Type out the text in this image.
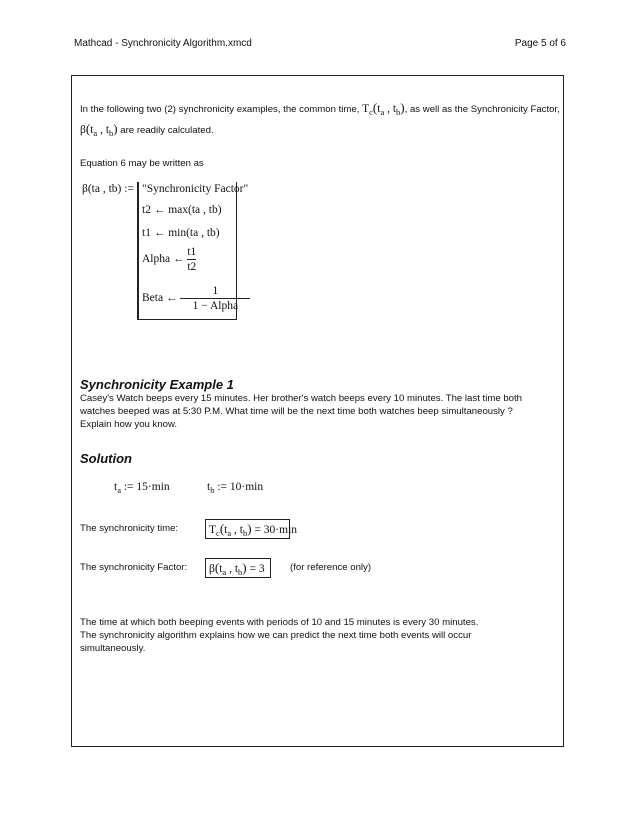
Mathcad - Synchronicity Algorithm.xmcd	Page 5 of 6
In the following two (2) synchronicity examples, the common time, $T_c(t_a$ , $t_b$), as well as the Synchronicity Factor,
$\beta(t_a$ , $t_b$) are readily calculated.
Equation 6 may be written as
β(ta , tb) := "Synchronicity Factor"
t2 ← max(ta , tb)
t1 ← min(ta , tb)
Alpha ← $\frac{t1}{t2}$
Beta ← $\frac{1}{\text{1 − Alpha}}$
Synchronicity Example 1
Casey's Watch beeps every 15 minutes. Her brother's watch beeps every 10 minutes. The last time both
watches beeped was at 5:30 P.M. What time will be the next time both watches beep simultaneously ?
Explain how you know.
Solution
$t_a$ := 15·min	$t_b$ := 10·min
The synchronicity time:	$T_c(t_a$ , $t_b) = 30\cdot\min$
The synchronicity Factor:	$\beta(t_a$ , $t_b) = 3$	(for reference only)
The time at which both beeping events with periods of 10 and 15 minutes is every 30 minutes.
The synchronicity algorithm explains how we can predict the next time both events will occur
simultaneously.
